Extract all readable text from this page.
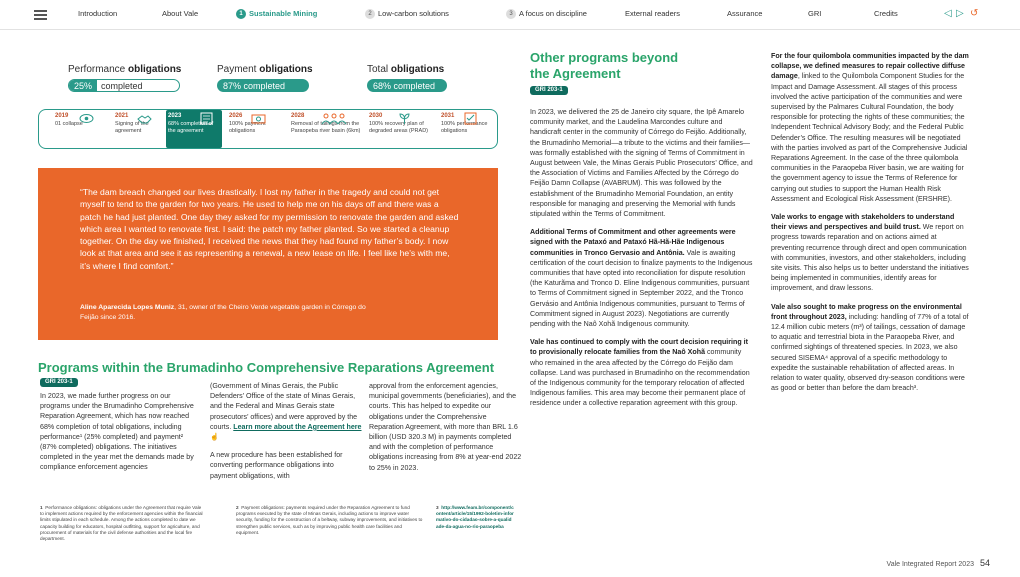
Introduction	About Vale	1 Sustainable Mining	2 Low-carbon solutions	3 A focus on discipline	External readers	Assurance	GRI	Credits	◁ ▷ ↺
Performance obligations
25% completed
Payment obligations
87% completed
Total obligations
68% completed
2019
01 collapse
2021
Signing of the agreement
2023
68% completion of the agreement
2026
100% payment obligations
2028
Removal of tailings from the Paraopeba river basin (6km)
2030
100% recovery plan of degraded areas (PRAD)
2031
100% performance obligations
“The dam breach changed our lives drastically. I lost my father in the tragedy and could not get myself to tend to the garden for two years. He used to help me on his days off and there was a patch he had just planted. One day they asked for my permission to renovate the garden and asked which area I wanted to renovate first. I said: the patch my father planted. So we started a cleanup together. On the day we finished, I received the news that they had found my father’s body. I now look at that area and see it as representing a renewal, a new lease on life. I feel like he’s with me, it’s where I find comfort.”
Aline Aparecida Lopes Muniz, 31, owner of the Cheiro Verde vegetable garden in Córrego do Feijão since 2016.
Programs within the Brumadinho Comprehensive Reparations Agreement
GRI 203-1

In 2023, we made further progress on our programs under the Brumadinho Comprehensive Reparation Agreement, which has now reached 68% completion of total obligations, including performance¹ (25% completed) and payment² (87% completed) obligations. The initiatives completed in the year met the demands made by compliance enforcement agencies

(Government of Minas Gerais, the Public Defenders’ Office of the state of Minas Gerais, and the Federal and Minas Gerais state prosecutors’ offices) and were approved by the courts. Learn more about the Agreement here ☝

A new procedure has been established for converting performance obligations into payment obligations, with

approval from the enforcement agencies, municipal governments (beneficiaries), and the courts. This has helped to expedite our obligations under the Comprehensive Reparation Agreement, with more than BRL 1.6 billion (USD 320.3 M) in payments completed and with the completion of performance obligations increasing from 8% at year-end 2022 to 25% in 2023.

1 Performance obligations: obligations under the Agreement that require Vale to implement actions required by the enforcement agencies within the financial limits stipulated in each schedule. Among the actions completed to date we capacity building for educators, hospital outfitting, support for agriculture, and procurement of materials for the civil defense authorities and the local fire department.
2 Payment obligations: payments required under the Reparation Agreement to fund programs executed by the state of Minas Gerais, including actions to improve water security, funding for the construction of a beltway, subway improvements, and initiatives to strengthen public services, such as by improving public health care facilities and equipment.
3 http://www.feam.br/component/content/article/15/1992-boletim-informativo-do-cidadao-sobre-a-qualidade-da-agua-no-rio-paraopeba
Other programs beyond the Agreement
GRI 203-1

In 2023, we delivered the 25 de Janeiro city square, the Ipê Amarelo community market, and the Laudelina Marcondes culture and handicraft center in the community of Córrego do Feijão. Additionally, the Brumadinho Memorial—a tribute to the victims and their families—was formally established with the signing of Terms of Commitment in August between Vale, the Minas Gerais Public Prosecutors’ Office, and the Association of Victims and Families Affected by the Córrego do Feijão Damn Collapse (AVABRUM). This was followed by the establishment of the Brumadinho Memorial Foundation, an entity responsible for managing and preserving the Memorial with funds stipulated within the Terms of Commitment.

Additional Terms of Commitment and other agreements were signed with the Pataxó and Pataxó Hã-Hã-Hãe Indigenous communities in Tronco Gervasio and Antônia. Vale is awaiting certification of the court decision to finalize payments to the Indigenous communities that have opted into reconciliation for dispute resolution (the Katurãma and Tronco D. Eline Indigenous communities, pursuant to Terms of Commitment signed in September 2022, and the Tronco Gervásio and Antônia Indigenous communities, pursuant to Terms of Commitment signed in August 2023). Negotiations are currently pending with the Naô Xohã Indigenous community.

Vale has continued to comply with the court decision requiring it to provisionally relocate families from the Naô Xohã community who remained in the area affected by the Córrego do Feijão dam collapse. Land was purchased in Brumadinho on the recommendation of the Indigenous community for the temporary relocation of affected Indigenous families. This area may become their permanent place of residence under a collective reparation agreement with this group.

For the four quilombola communities impacted by the dam collapse, we defined measures to repair collective diffuse damage, linked to the Quilombola Component Studies for the Impact and Damage Assessment. All stages of this process involved the active participation of the communities and were supervised by the Palmares Cultural Foundation, the body responsible for protecting the rights of these communities; the Independent Technical Advisory Body; and the Federal Public Defender’s Office. The resulting measures will be negotiated with the parties involved as part of the Comprehensive Judicial Reparations Agreement. In the case of the three quilombola communities in the Paraopeba River basin, we are waiting for the government agency to issue the Terms of Reference for carrying out studies to support the Human Health Risk Assessment and Ecological Risk Assessment (ERSHRE).

Vale works to engage with stakeholders to understand their views and perspectives and build trust. We report on progress towards reparation and on actions aimed at preventing recurrence through direct and open communication with communities, investors, and other stakeholders, including site visits. This also helps us to better understand the initiatives being implemented in communities, identify areas for improvement, and draw lessons.

Vale also sought to make progress on the environmental front throughout 2023, including: handling of 77% of a total of 12.4 million cubic meters (m³) of tailings, cessation of damage to aquatic and terrestrial biota in the Paraopeba River, and confirmed sightings of threatened species. In 2023, we also secured SISEMA⁴ approval of a specific methodology to expedite the sustainable rehabilitation of affected areas. In relation to water quality, observed dry-season conditions were as good or better than before the dam breach³.

Vale Integrated Report 2023 54
